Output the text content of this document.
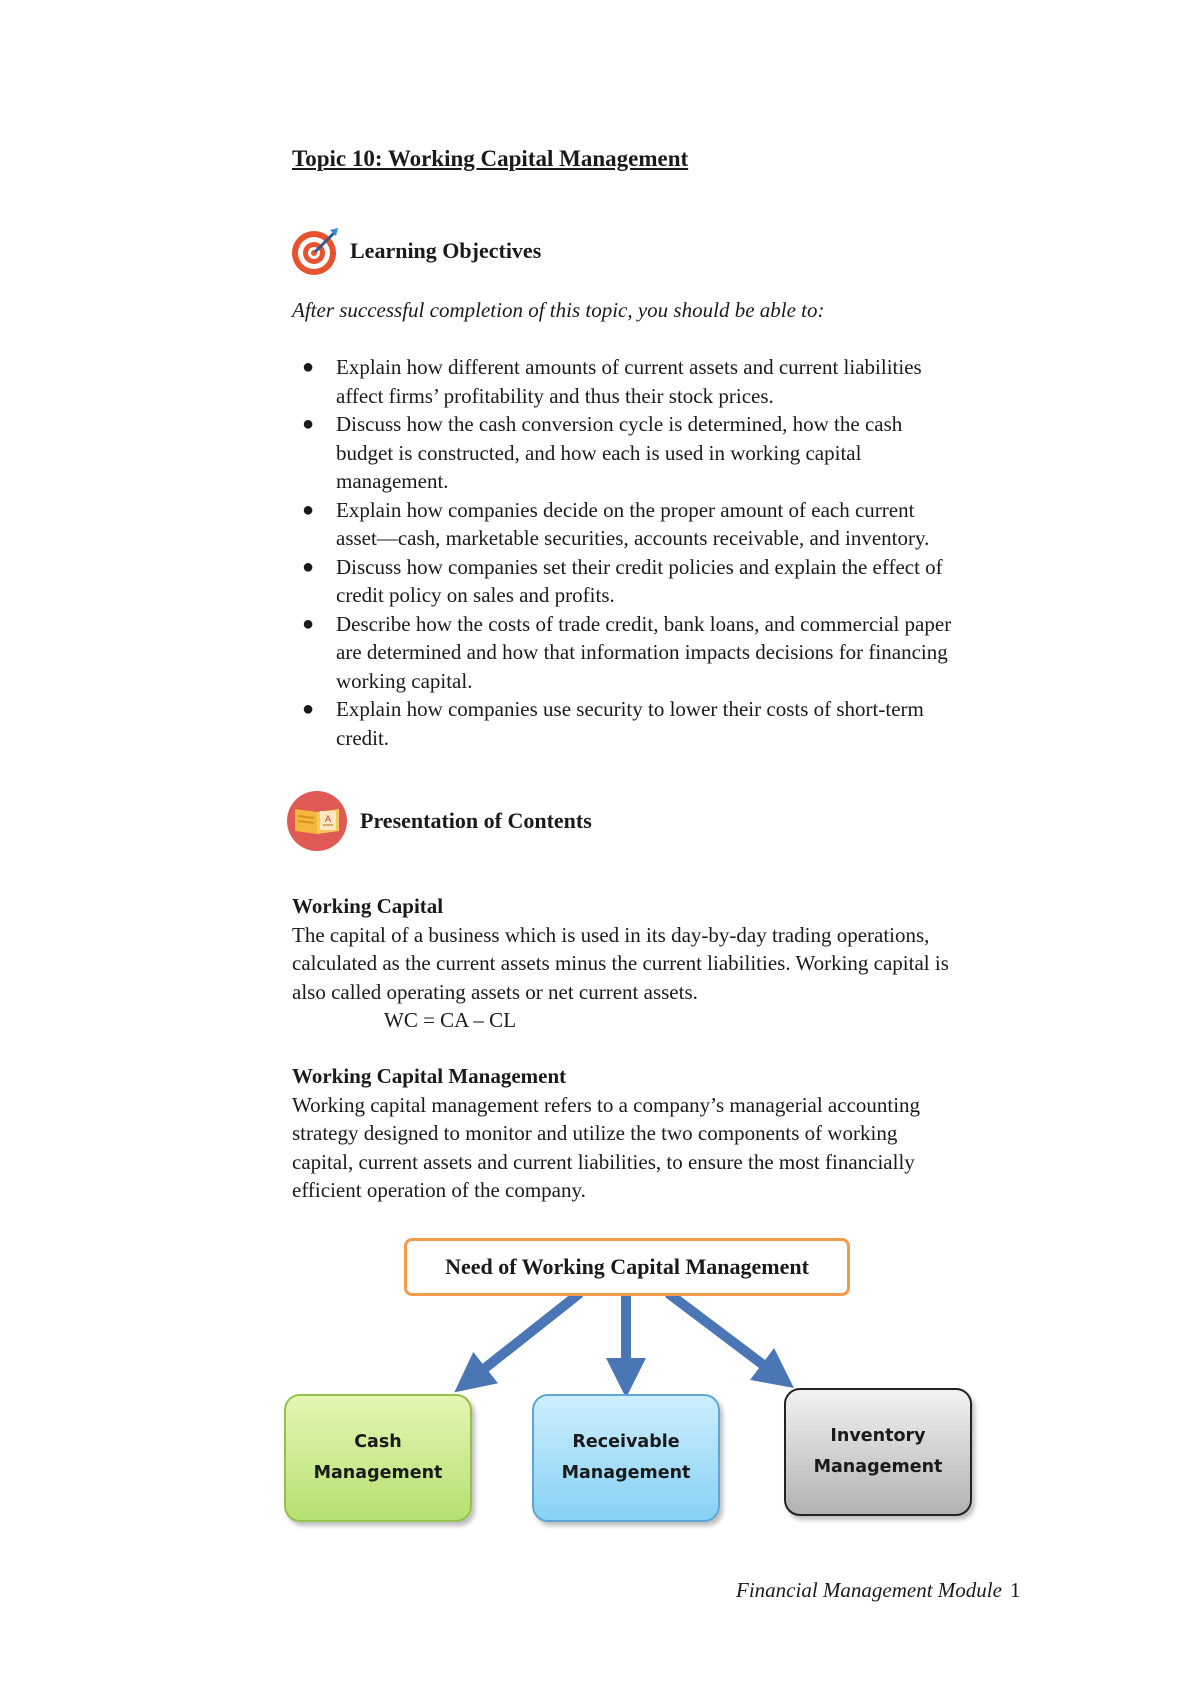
Topic 10: Working Capital Management
Learning Objectives
After successful completion of this topic, you should be able to:
● Explain how different amounts of current assets and current liabilities
affect firms’ profitability and thus their stock prices.
● Discuss how the cash conversion cycle is determined, how the cash
budget is constructed, and how each is used in working capital
management.
● Explain how companies decide on the proper amount of each current
asset—cash, marketable securities, accounts receivable, and inventory.
● Discuss how companies set their credit policies and explain the effect of
credit policy on sales and profits.
● Describe how the costs of trade credit, bank loans, and commercial paper
are determined and how that information impacts decisions for financing
working capital.
● Explain how companies use security to lower their costs of short-term
credit.
A Presentation of Contents
Working Capital

The capital of a business which is used in its day-by-day trading operations,

calculated as the current assets minus the current liabilities. Working capital is

also called operating assets or net current assets.

WC = CA – CL

Working Capital Management

Working capital management refers to a company’s managerial accounting

strategy designed to monitor and utilize the two components of working

capital, current assets and current liabilities, to ensure the most financially

efficient operation of the company.

Need of Working Capital Management
Cash
Management
Receivable
Management
Inventory
Management
Financial Management Module 1
